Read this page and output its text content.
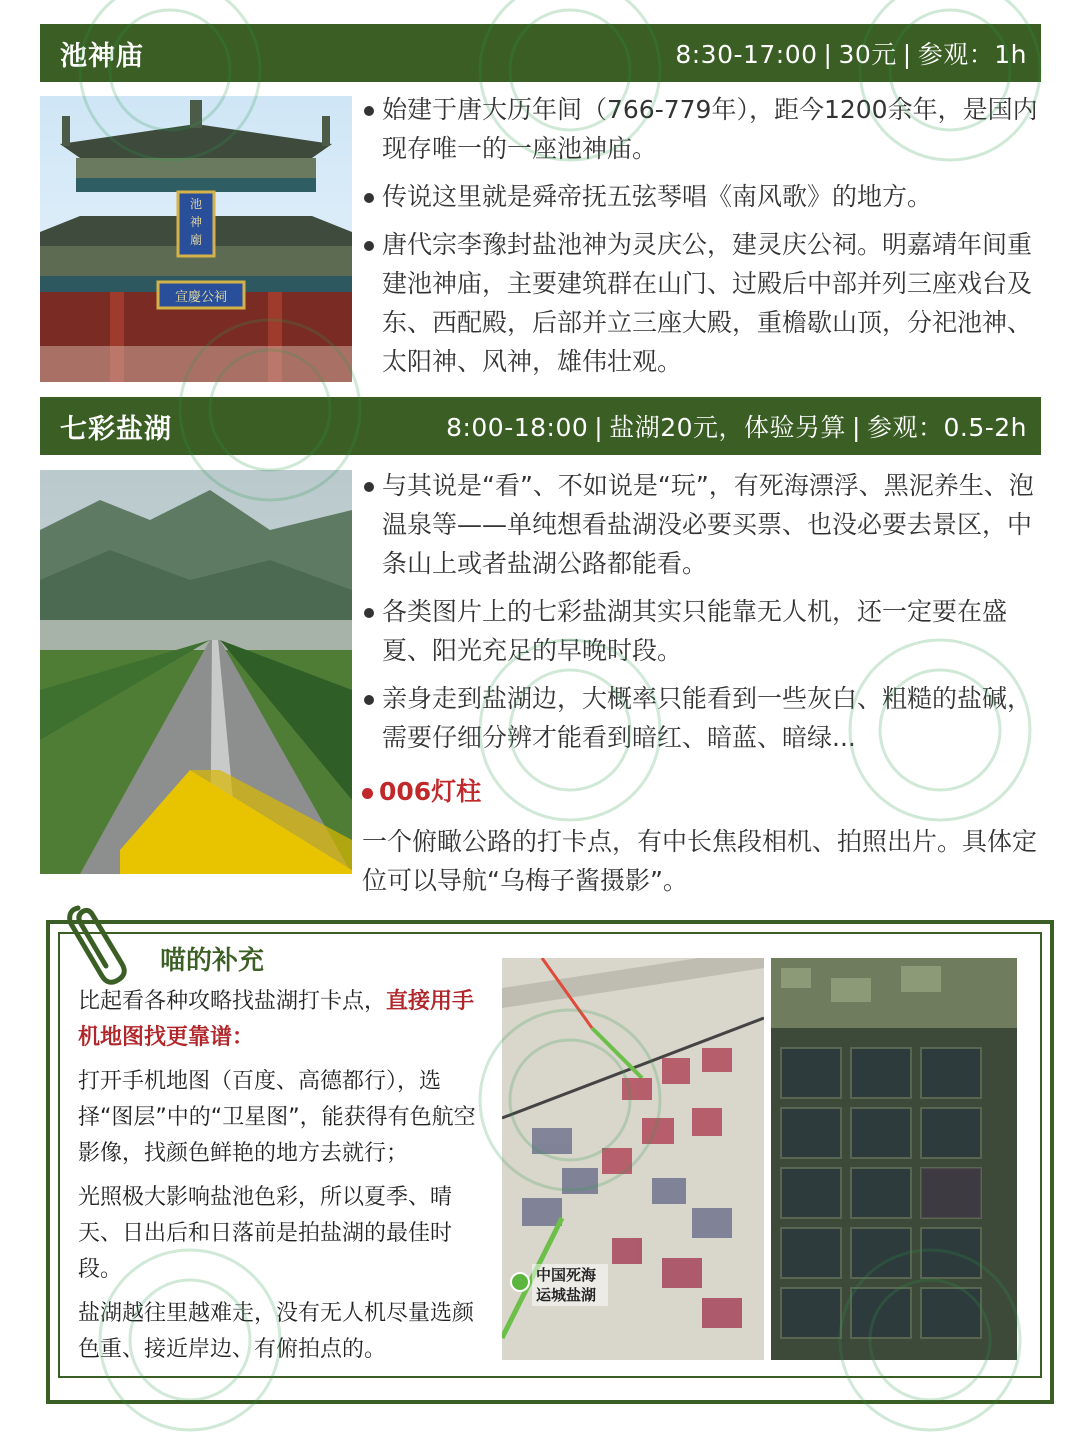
池神庙	8:30-17:00 | 30元 | 参观：1h
池
神
廟
宣慶公祠
始建于唐大历年间（766-779年），距今1200余年，是国内现存唯一的一座池神庙。
传说这里就是舜帝抚五弦琴唱《南风歌》的地方。
唐代宗李豫封盐池神为灵庆公，建灵庆公祠。明嘉靖年间重建池神庙，主要建筑群在山门、过殿后中部并列三座戏台及东、西配殿，后部并立三座大殿，重檐歇山顶，分祀池神、太阳神、风神，雄伟壮观。
七彩盐湖	8:00-18:00 | 盐湖20元，体验另算 | 参观：0.5-2h
与其说是“看”、不如说是“玩”，有死海漂浮、黑泥养生、泡温泉等——单纯想看盐湖没必要买票、也没必要去景区，中条山上或者盐湖公路都能看。
各类图片上的七彩盐湖其实只能靠无人机，还一定要在盛夏、阳光充足的早晚时段。
亲身走到盐湖边，大概率只能看到一些灰白、粗糙的盐碱，需要仔细分辨才能看到暗红、暗蓝、暗绿...
006灯柱

一个俯瞰公路的打卡点，有中长焦段相机、拍照出片。具体定位可以导航“乌梅子酱摄影”。

喵的补充

比起看各种攻略找盐湖打卡点，直接用手机地图找更靠谱：

打开手机地图（百度、高德都行），选择“图层”中的“卫星图”，能获得有色航空影像，找颜色鲜艳的地方去就行；

光照极大影响盐池色彩，所以夏季、晴天、日出后和日落前是拍盐湖的最佳时段。

盐湖越往里越难走，没有无人机尽量选颜色重、接近岸边、有俯拍点的。

中国死海
运城盐湖
